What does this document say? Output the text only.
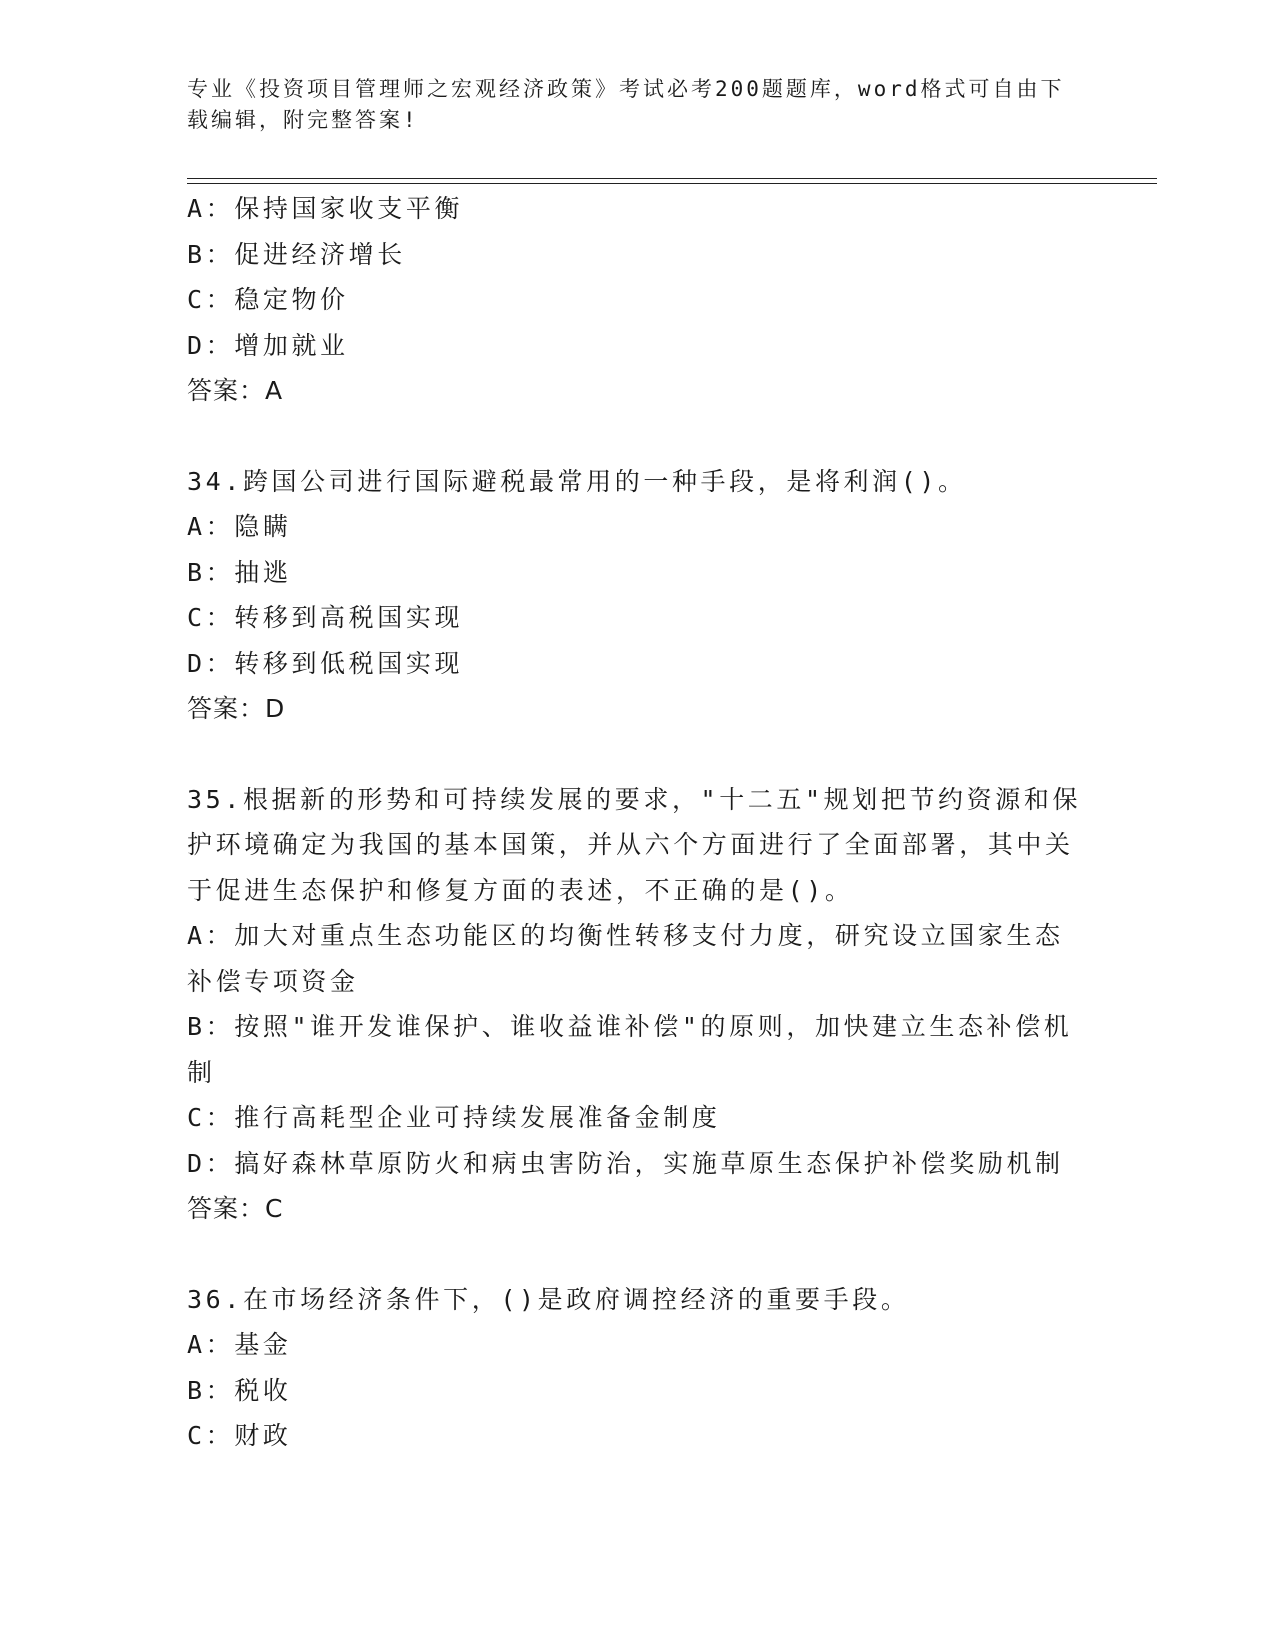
专业《投资项目管理师之宏观经济政策》考试必考200题题库，word格式可自由下载编辑，附完整答案!
A：保持国家收支平衡
B：促进经济增长
C：稳定物价
D：增加就业
答案：A
34.跨国公司进行国际避税最常用的一种手段，是将利润()。
A：隐瞒
B：抽逃
C：转移到高税国实现
D：转移到低税国实现
答案：D
35.根据新的形势和可持续发展的要求，"十二五"规划把节约资源和保护环境确定为我国的基本国策，并从六个方面进行了全面部署，其中关于促进生态保护和修复方面的表述，不正确的是()。
A：加大对重点生态功能区的均衡性转移支付力度，研究设立国家生态补偿专项资金
B：按照"谁开发谁保护、谁收益谁补偿"的原则，加快建立生态补偿机制
C：推行高耗型企业可持续发展准备金制度
D：搞好森林草原防火和病虫害防治，实施草原生态保护补偿奖励机制
答案：C
36.在市场经济条件下，()是政府调控经济的重要手段。
A：基金
B：税收
C：财政
